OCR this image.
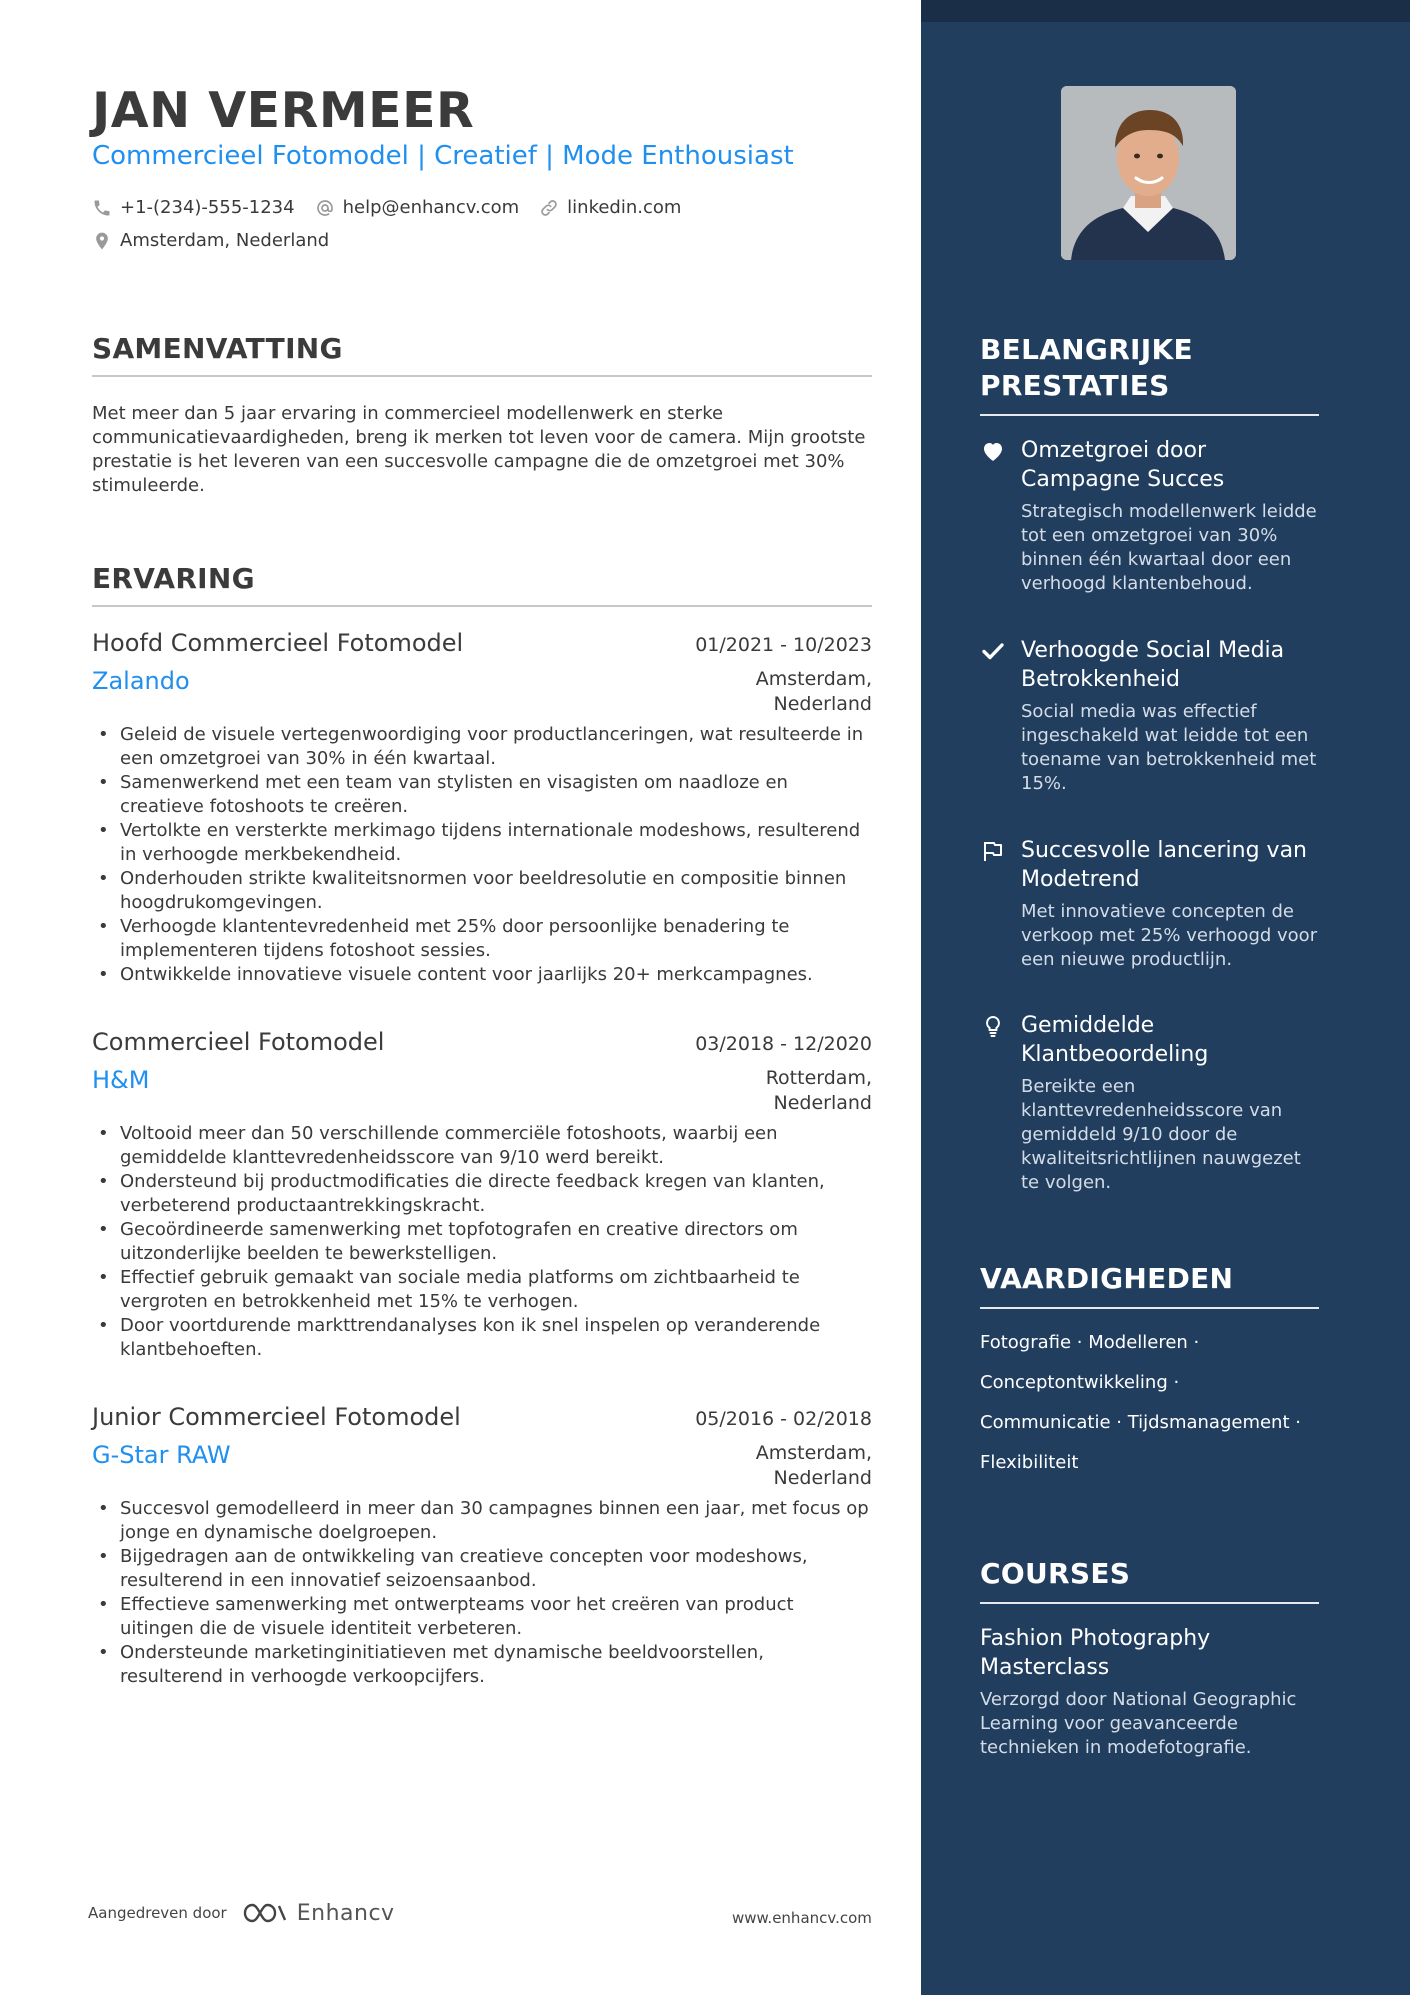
JAN VERMEER
Commercieel Fotomodel | Creatief | Mode Enthousiast
+1-(234)-555-1234	help@enhancv.com	linkedin.com
Amsterdam, Nederland
SAMENVATTING

Met meer dan 5 jaar ervaring in commercieel modellenwerk en sterke communicatievaardigheden, breng ik merken tot leven voor de camera. Mijn grootste prestatie is het leveren van een succesvolle campagne die de omzetgroei met 30% stimuleerde.

ERVARING
Hoofd Commercieel Fotomodel	01/2021 - 10/2023
Zalando	Amsterdam, Nederland
• Geleid de visuele vertegenwoordiging voor productlanceringen, wat resulteerde in een omzetgroei van 30% in één kwartaal.
• Samenwerkend met een team van stylisten en visagisten om naadloze en creatieve fotoshoots te creëren.
• Vertolkte en versterkte merkimago tijdens internationale modeshows, resulterend in verhoogde merkbekendheid.
• Onderhouden strikte kwaliteitsnormen voor beeldresolutie en compositie binnen hoogdrukomgevingen.
• Verhoogde klantentevredenheid met 25% door persoonlijke benadering te implementeren tijdens fotoshoot sessies.
• Ontwikkelde innovatieve visuele content voor jaarlijks 20+ merkcampagnes.
Commercieel Fotomodel	03/2018 - 12/2020
H&M	Rotterdam, Nederland
• Voltooid meer dan 50 verschillende commerciële fotoshoots, waarbij een gemiddelde klanttevredenheidsscore van 9/10 werd bereikt.
• Ondersteund bij productmodificaties die directe feedback kregen van klanten, verbeterend productaantrekkingskracht.
• Gecoördineerde samenwerking met topfotografen en creative directors om uitzonderlijke beelden te bewerkstelligen.
• Effectief gebruik gemaakt van sociale media platforms om zichtbaarheid te vergroten en betrokkenheid met 15% te verhogen.
• Door voortdurende markttrendanalyses kon ik snel inspelen op veranderende klantbehoeften.
Junior Commercieel Fotomodel	05/2016 - 02/2018
G-Star RAW	Amsterdam, Nederland
• Succesvol gemodelleerd in meer dan 30 campagnes binnen een jaar, met focus op jonge en dynamische doelgroepen.
• Bijgedragen aan de ontwikkeling van creatieve concepten voor modeshows, resulterend in een innovatief seizoensaanbod.
• Effectieve samenwerking met ontwerpteams voor het creëren van product uitingen die de visuele identiteit verbeteren.
• Ondersteunde marketinginitiatieven met dynamische beeldvoorstellen, resulterend in verhoogde verkoopcijfers.
Aangedreven door	Enhancv	www.enhancv.com
BELANGRIJKE PRESTATIES
Omzetgroei door Campagne Succes
Strategisch modellenwerk leidde tot een omzetgroei van 30% binnen één kwartaal door een verhoogd klantenbehoud.
Verhoogde Social Media Betrokkenheid
Social media was effectief ingeschakeld wat leidde tot een toename van betrokkenheid met 15%.
Succesvolle lancering van Modetrend
Met innovatieve concepten de verkoop met 25% verhoogd voor een nieuwe productlijn.
Gemiddelde Klantbeoordeling
Bereikte een klanttevredenheidsscore van gemiddeld 9/10 door de kwaliteitsrichtlijnen nauwgezet te volgen.
VAARDIGHEDEN
Fotografie · Modelleren ·
Conceptontwikkeling ·
Communicatie · Tijdsmanagement ·
Flexibiliteit
COURSES
Fashion Photography Masterclass
Verzorgd door National Geographic Learning voor geavanceerde technieken in modefotografie.
